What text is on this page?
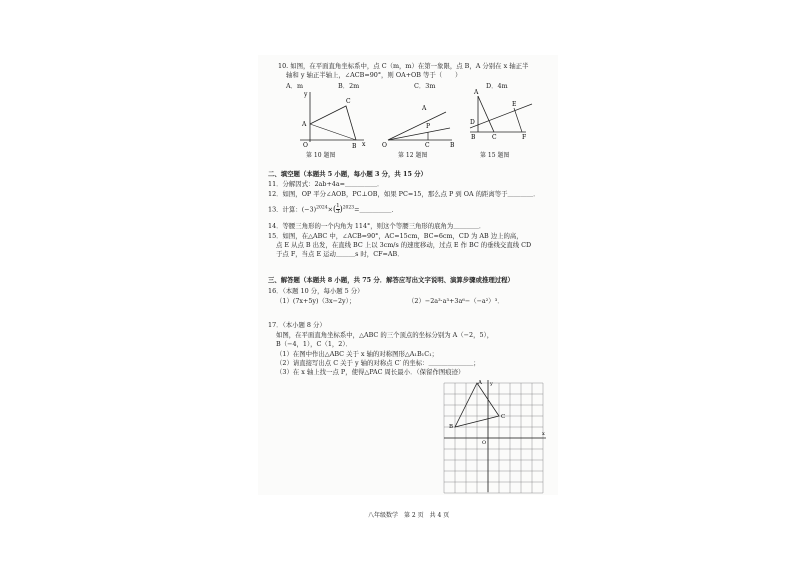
10. 如图，在平面直角坐标系中，点 C（m，m）在第一象限，点 B，A 分别在 x 轴正半
轴和 y 轴正半轴上，∠ACB=90°，则 OA+OB 等于（　　）
A．m	B．2m	C．3m	D．4m
y
x
O
A
B
C
第 10 题图
A
O
P
C	B
第 12 题图
A
D
E
B	C	F
第 15 题图
二、填空题（本题共 5 小题，每小题 3 分，共 15 分）
11．分解因式：2ab+4a=＿＿＿＿＿．
12．如图，OP 平分∠AOB，PC⊥OB，如果 PC=15，那么点 P 到 OA 的距离等于＿＿＿＿．
13．计算：$(-3)^{2024}\times( \frac{1}{3}$ )$^{2023}=\_\_\_\_\_$．
14．等腰三角形的一个内角为 114°，则这个等腰三角形的底角为＿＿＿＿．
15．如图，在△ABC 中，∠ACB=90°，AC=15cm，BC=6cm，CD 为 AB 边上的高，
点 E 从点 B 出发，在直线 BC 上以 3cm/s 的速度移动，过点 E 作 BC 的垂线交直线 CD
于点 F，当点 E 运动＿＿＿s 时，CF=AB．
三、解答题（本题共 8 小题，共 75 分．解答应写出文字说明、演算步骤或推理过程）
16．（本题 10 分，每小题 5 分）
（1）(7x+5y)（3x−2y）；	（2）−2a³·a³+3a⁶−（−a²）³．
17．（本小题 8 分）
如图，在平面直角坐标系中，△ABC 的三个顶点的坐标分别为 A（−2，5），
B（−4，1），C（1，2）．
（1）在图中作出△ABC 关于 x 轴的对称图形△A₁B₁C₁；
（2）请直接写出点 C 关于 y 轴的对称点 C′ 的坐标：＿＿＿＿＿＿＿；
（3）在 x 轴上找一点 P，使得△PAC 周长最小．（保留作图痕迹）
A
B
C
O
x
y
八年级数学　第 2 页　共 4 页
